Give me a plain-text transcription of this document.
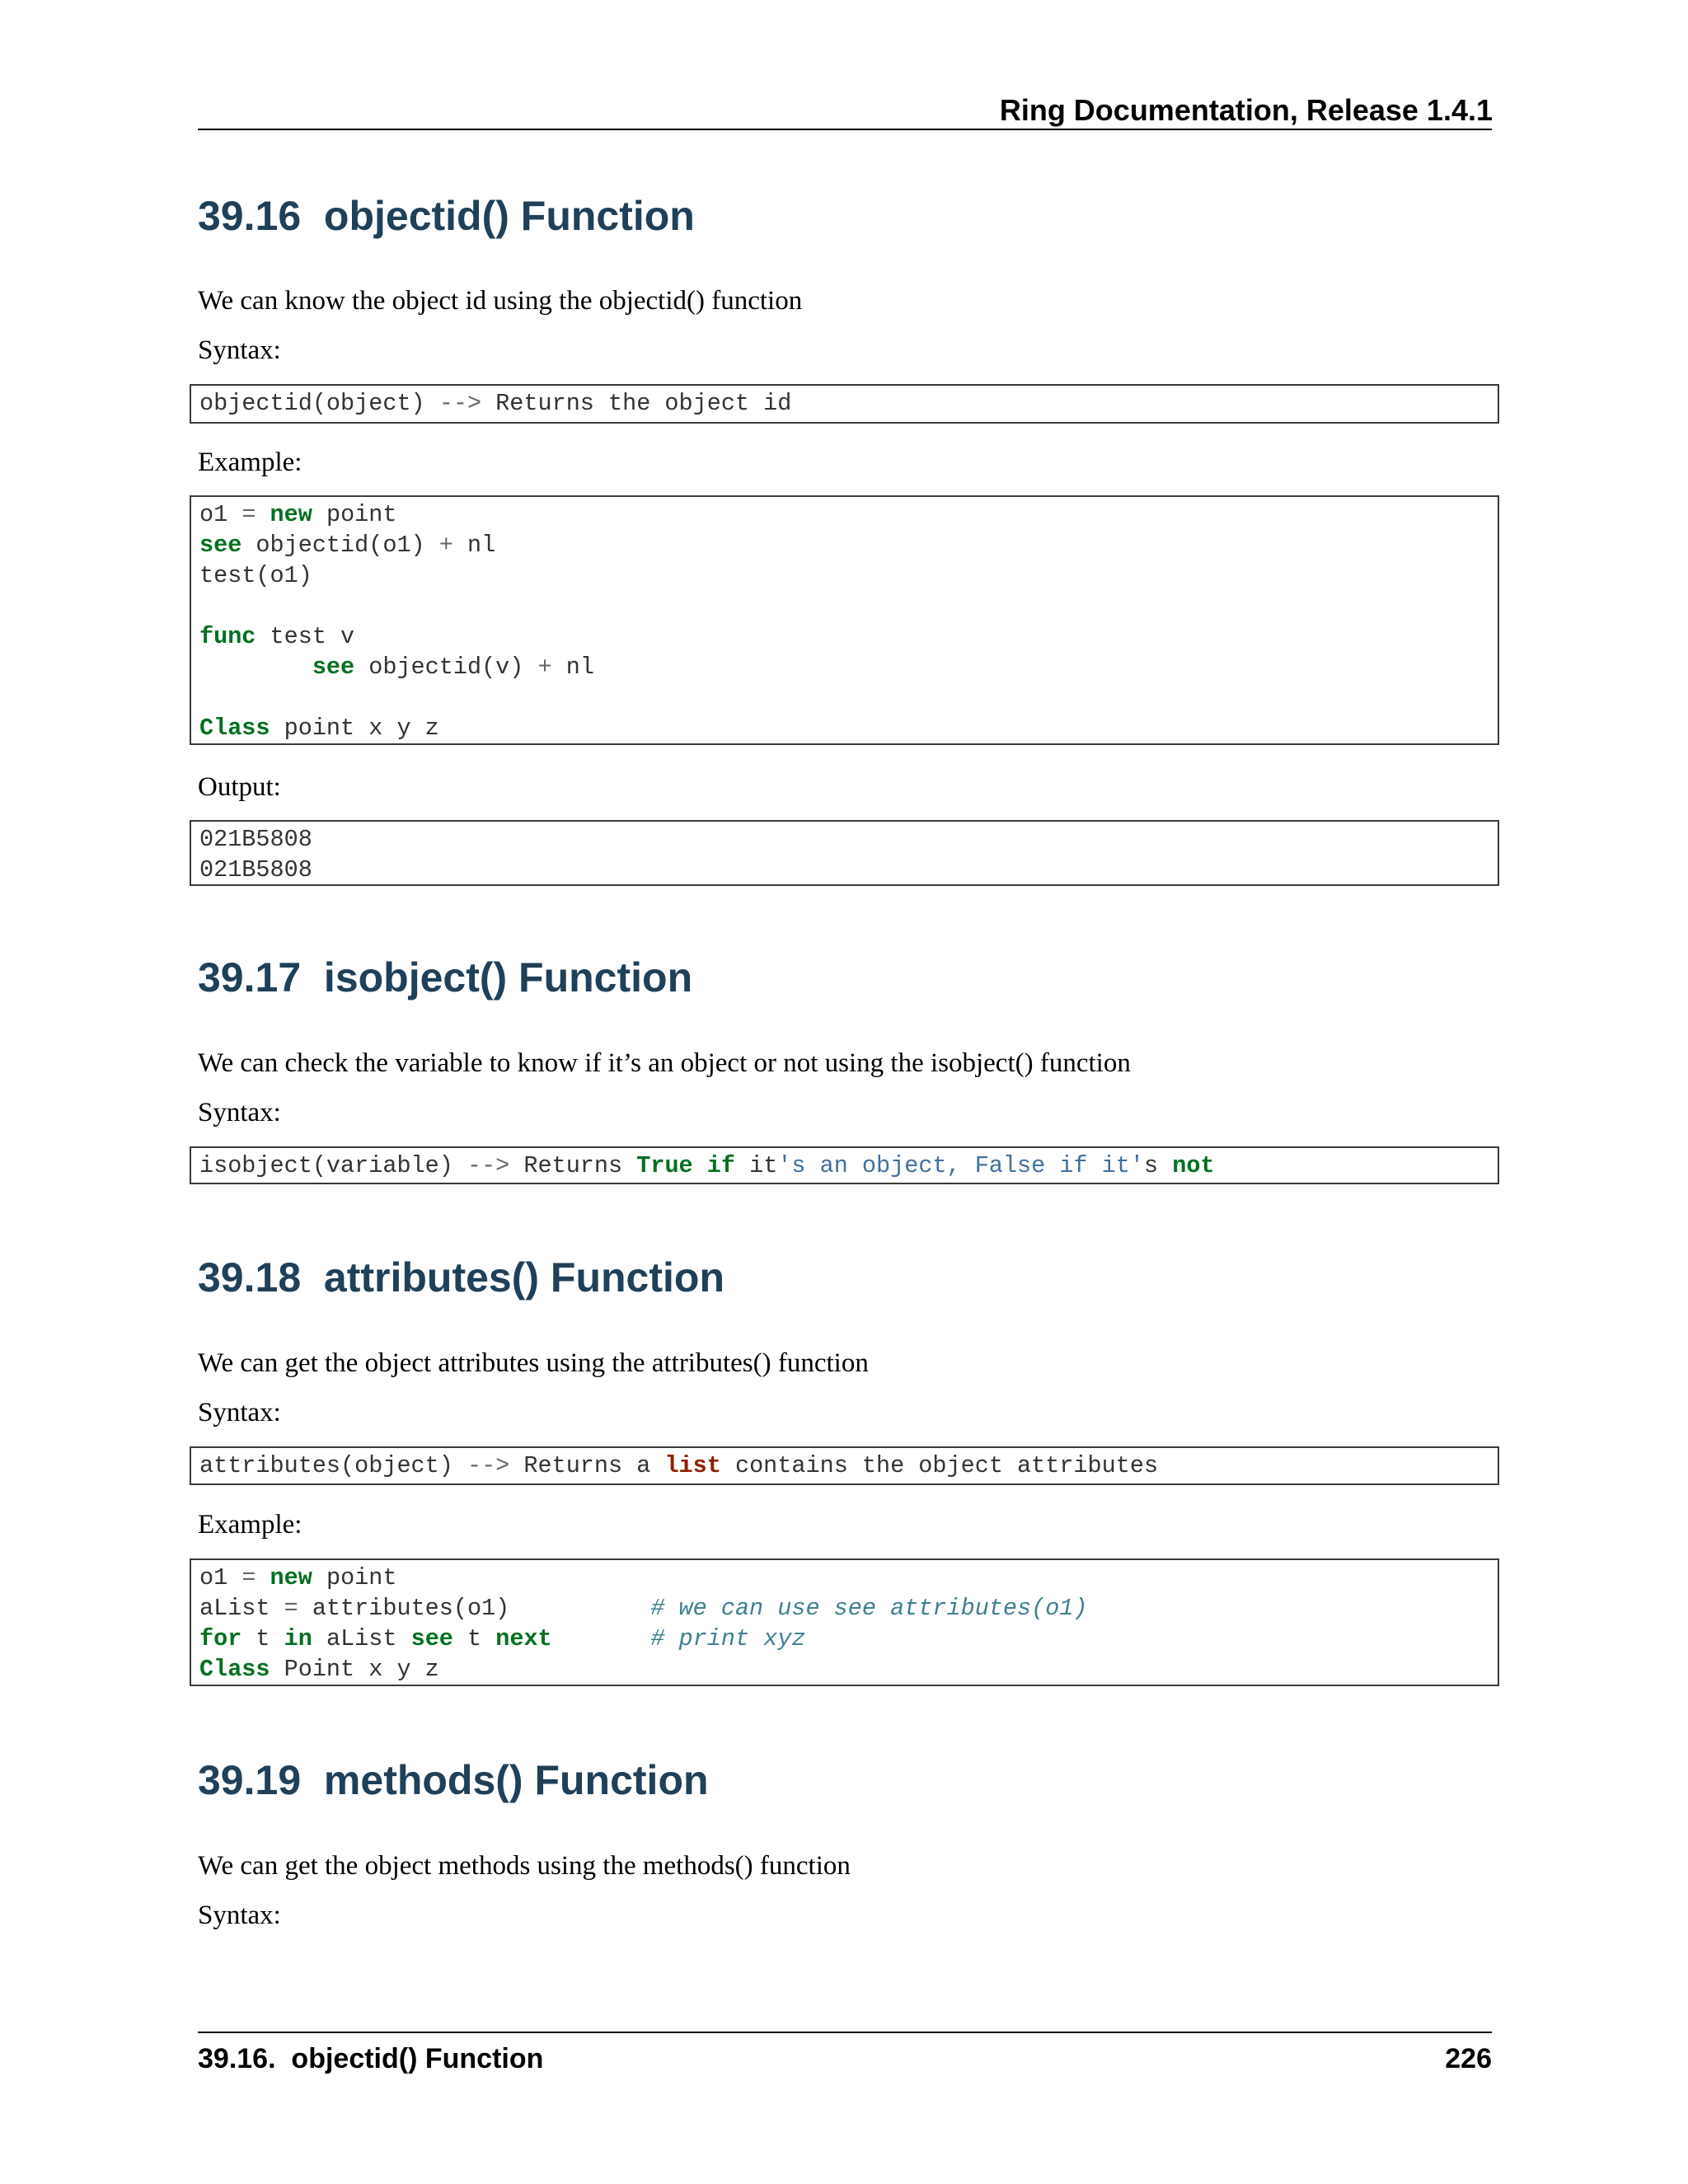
Ring Documentation, Release 1.4.1
39.16 objectid() Function
We can know the object id using the objectid() function
Syntax:
objectid(object) --> Returns the object id
Example:
o1 = new point
see objectid(o1) + nl
test(o1)
func test v
see objectid(v) + nl
Class point x y z
Output:
021B5808
021B5808
39.17 isobject() Function
We can check the variable to know if it’s an object or not using the isobject() function
Syntax:
isobject(variable) --> Returns True if it's an object, False if it's not
39.18 attributes() Function
We can get the object attributes using the attributes() function
Syntax:
attributes(object) --> Returns a list contains the object attributes
Example:
o1 = new point
aList = attributes(o1)	# we can use see attributes(o1)
for t in aList see t next	# print xyz
Class Point x y z
39.19 methods() Function
We can get the object methods using the methods() function
Syntax:
39.16.  objectid() Function	226
